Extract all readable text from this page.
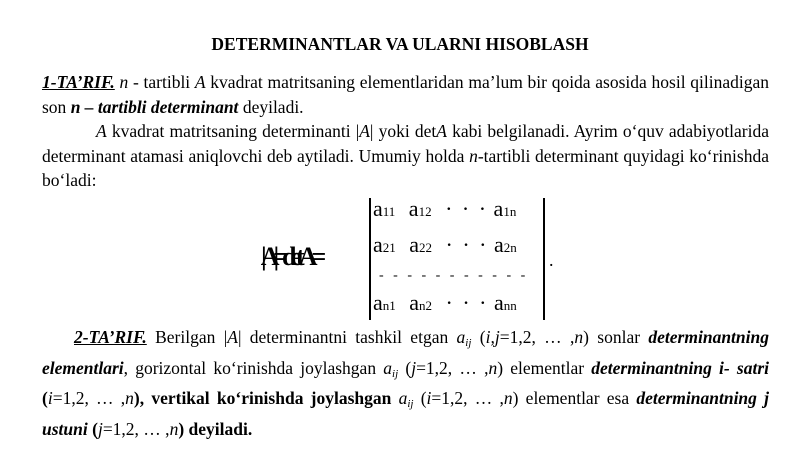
DETERMINANTLAR VA ULARNI HISOBLASH
1-TA’RIF. n - tartibli A kvadrat matritsaning elementlaridan ma’lum bir qoida asosida hosil qilinadigan son n – tartibli determinant deyiladi.
A kvadrat matritsaning determinanti |A| yoki detA kabi belgilanadi. Ayrim o‘quv adabiyotlarida determinant atamasi aniqlovchi deb aytiladi. Umumiy holda n-tartibli determinant quyidagi ko‘rinishda bo‘ladi:
|A|=detA=
a11 a12 · · · a1n
a21 a22 · · · a2n
- - - - - - - - - - -
an1 an2 · · · ann
.
2-TA’RIF. Berilgan |A| determinantni tashkil etgan $a_{ij}$ (i,j=1,2, … ,n) sonlar determinantning elementlari, gorizontal ko‘rinishda joylashgan $a_{ij}$ (j=1,2, … ,n) elementlar determinantning i- satri (i=1,2, … ,n), vertikal ko‘rinishda joylashgan $a_{ij}$ (i=1,2, … ,n) elementlar esa determinantning j ustuni (j=1,2, … ,n) deyiladi.
